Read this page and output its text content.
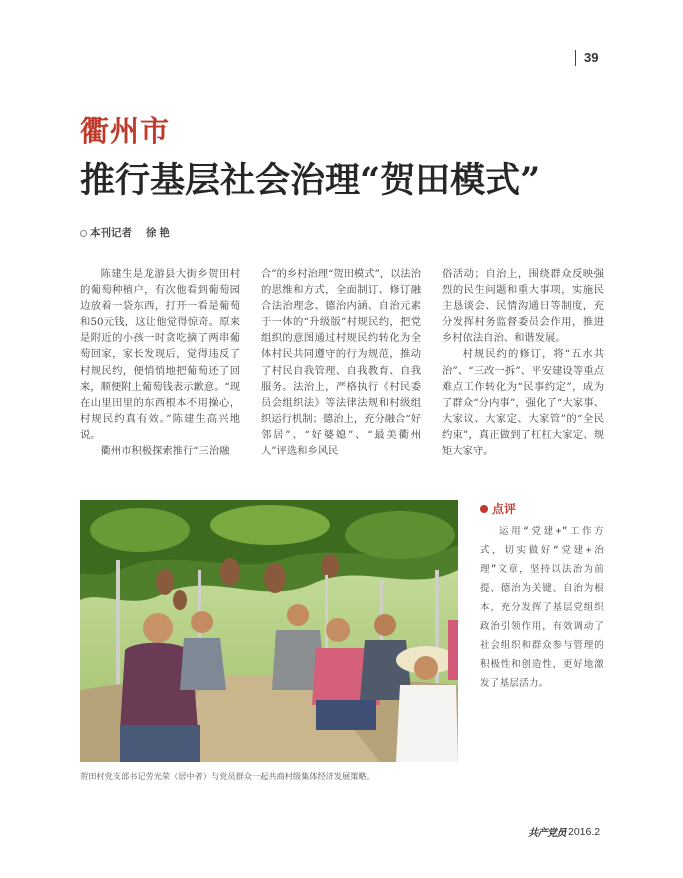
39
衢州市
推行基层社会治理“贺田模式”
本刊记者 徐 艳

陈建生是龙游县大街乡贺田村的葡萄种植户，有次他看到葡萄园边放着一袋东西，打开一看是葡萄和50元钱，这让他觉得惊奇。原来是附近的小孩一时贪吃摘了两串葡萄回家，家长发现后，觉得违反了村规民约，便悄悄地把葡萄还了回来，顺便附上葡萄钱表示歉意。“现在山里田里的东西根本不用操心，村规民约真有效。”陈建生高兴地说。

衢州市积极探索推行“三治融

合”的乡村治理“贺田模式”，以法治的思维和方式，全面制订、修订融合法治理念、德治内涵、自治元素于一体的“升级版”村规民约，把党组织的意图通过村规民约转化为全体村民共同遵守的行为规范，推动了村民自我管理、自我教育、自我服务。法治上，严格执行《村民委员会组织法》等法律法规和村级组织运行机制；德治上，充分融合“好邻居”、“好婆媳”、“最美衢州人”评选和乡风民

俗活动；自治上，围绕群众反映强烈的民生问题和重大事项，实施民主恳谈会、民情沟通日等制度，充分发挥村务监督委员会作用，推进乡村依法自治、和谐发展。

村规民约的修订，将“五水共治”、“三改一拆”、平安建设等重点难点工作转化为“民事约定”，成为了群众“分内事”，强化了“大家事、大家议、大家定、大家管”的“全民约束”，真正做到了杠杠大家定、规矩大家守。

贺田村党支部书记劳光荣（居中者）与党员群众一起共商村级集体经济发展策略。
点评

运用“党建+”工作方式，切实做好“党建+治理”文章，坚持以法治为前提、德治为关键、自治为根本，充分发挥了基层党组织政治引领作用，有效调动了社会组织和群众参与管理的积极性和创造性，更好地激发了基层活力。

共产党员 2016.2
